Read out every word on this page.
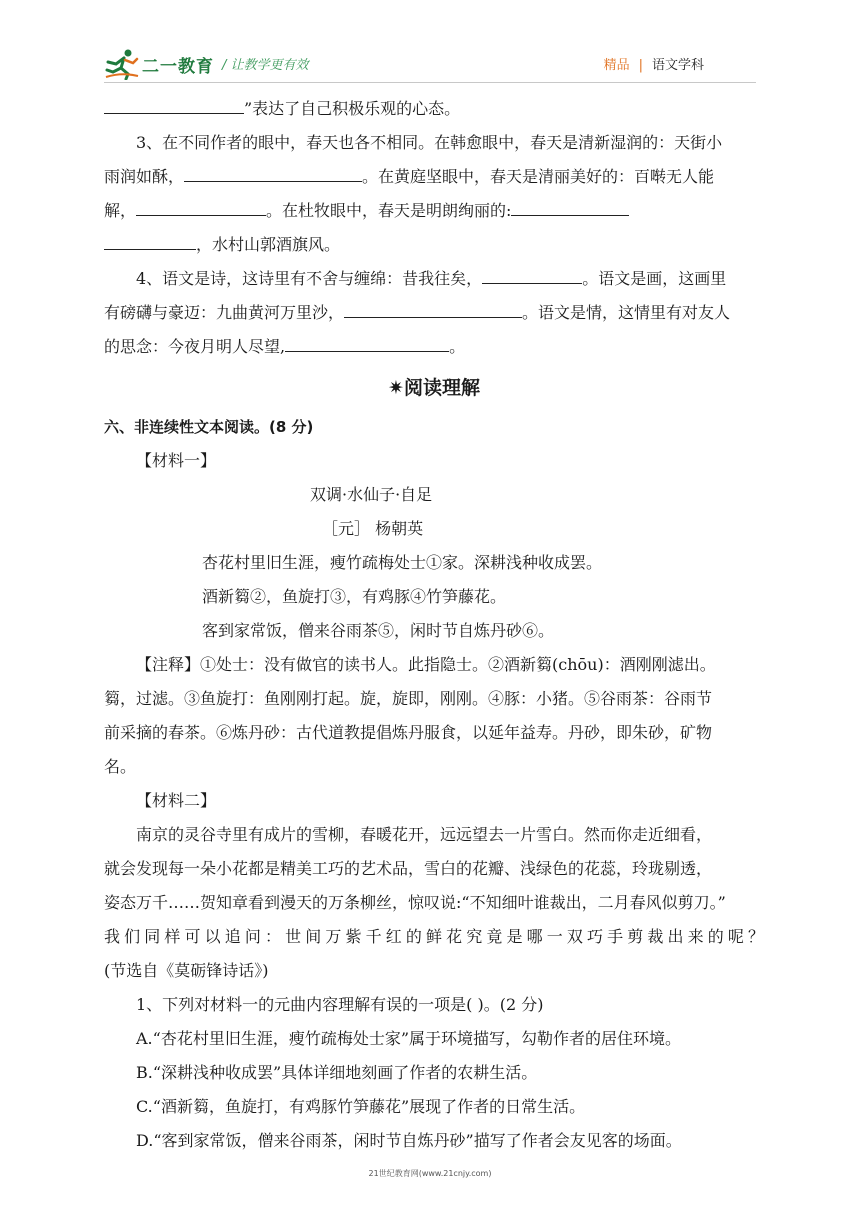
二一教育 / 让教学更有效	精品 | 语文学科

”表达了自己积极乐观的心态。

3、在不同作者的眼中，春天也各不相同。在韩愈眼中，春天是清新湿润的：天街小

雨润如酥，	。在黄庭坚眼中，春天是清丽美好的：百啭无人能

解，	。在杜牧眼中，春天是明朗绚丽的:

，水村山郭酒旗风。

4、语文是诗，这诗里有不舍与缠绵：昔我往矣，	。语文是画，这画里

有磅礴与豪迈：九曲黄河万里沙，	。语文是情，这情里有对友人

的思念：今夜月明人尽望,	。

✷阅读理解

六、非连续性文本阅读。(8 分)

【材料一】

双调·水仙子·自足

［元］ 杨朝英

杏花村里旧生涯，瘦竹疏梅处士①家。深耕浅种收成罢。

酒新篘②，鱼旋打③，有鸡豚④竹笋藤花。

客到家常饭，僧来谷雨茶⑤，闲时节自炼丹砂⑥。

【注释】①处士：没有做官的读书人。此指隐士。②酒新篘(chōu)：酒刚刚滤出。

篘，过滤。③鱼旋打：鱼刚刚打起。旋，旋即，刚刚。④豚：小猪。⑤谷雨茶：谷雨节

前采摘的春茶。⑥炼丹砂：古代道教提倡炼丹服食，以延年益寿。丹砂，即朱砂，矿物

名。

【材料二】

南京的灵谷寺里有成片的雪柳，春暖花开，远远望去一片雪白。然而你走近细看，

就会发现每一朵小花都是精美工巧的艺术品，雪白的花瓣、浅绿色的花蕊，玲珑剔透，

姿态万千……贺知章看到漫天的万条柳丝，惊叹说:“不知细叶谁裁出，二月春风似剪刀。”

我们同样可以追问：世间万紫千红的鲜花究竟是哪一双巧手剪裁出来的呢？

(节选自《莫砺锋诗话》)

1、下列对材料一的元曲内容理解有误的一项是( )。(2 分)

A.“杏花村里旧生涯，瘦竹疏梅处士家”属于环境描写，勾勒作者的居住环境。

B.“深耕浅种收成罢”具体详细地刻画了作者的农耕生活。

C.“酒新篘，鱼旋打，有鸡豚竹笋藤花”展现了作者的日常生活。

D.“客到家常饭，僧来谷雨茶，闲时节自炼丹砂”描写了作者会友见客的场面。

21世纪教育网(www.21cnjy.com)
